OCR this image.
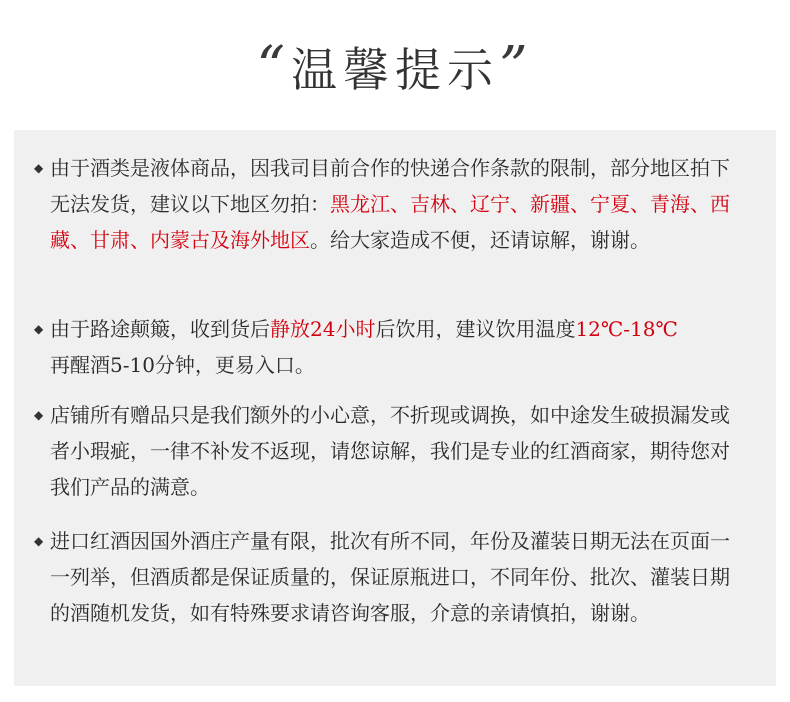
“温馨提示”
◆ 由于酒类是液体商品，因我司目前合作的快递合作条款的限制，部分地区拍下无法发货，建议以下地区勿拍：黑龙江、吉林、辽宁、新疆、宁夏、青海、西藏、甘肃、内蒙古及海外地区。给大家造成不便，还请谅解，谢谢。
◆ 由于路途颠簸，收到货后静放24小时后饮用，建议饮用温度12℃-18℃
再醒酒5-10分钟，更易入口。
◆ 店铺所有赠品只是我们额外的小心意，不折现或调换，如中途发生破损漏发或者小瑕疵，一律不补发不返现，请您谅解，我们是专业的红酒商家，期待您对我们产品的满意。
◆ 进口红酒因国外酒庄产量有限，批次有所不同，年份及灌装日期无法在页面一一列举，但酒质都是保证质量的，保证原瓶进口，不同年份、批次、灌装日期的酒随机发货，如有特殊要求请咨询客服，介意的亲请慎拍，谢谢。
